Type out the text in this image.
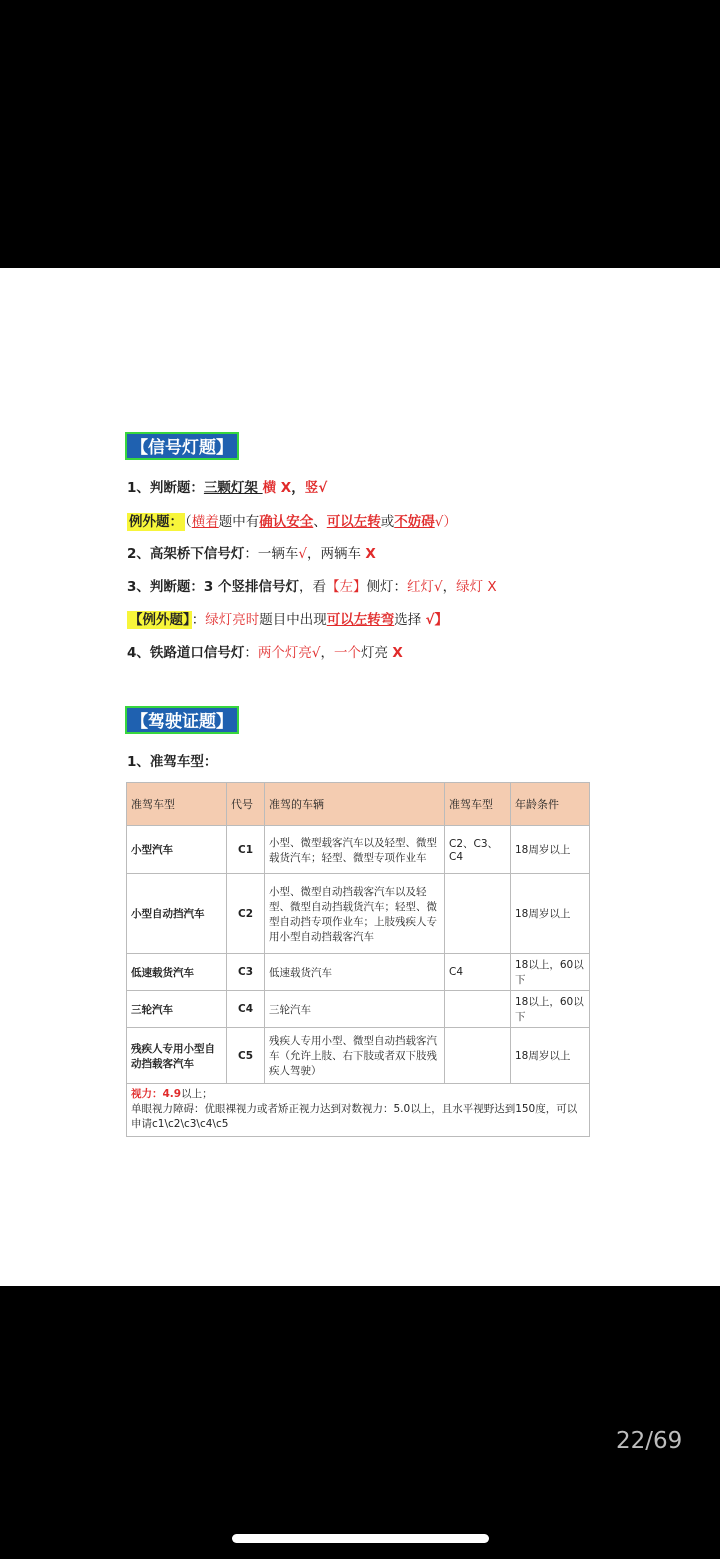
【信号灯题】
1、判断题：三颗灯架 横 X，竖√
例外题： （横着题中有确认安全、可以左转或不妨碍√）
2、高架桥下信号灯：一辆车√，两辆车 X
3、判断题：3 个竖排信号灯，看【左】侧灯：红灯√，绿灯 X
【例外题】 ：绿灯亮时题目中出现可以左转弯选择 √】
4、铁路道口信号灯：两个灯亮√，一个灯亮 X
【驾驶证题】
1、准驾车型：
准驾车型	代号	准驾的车辆	准驾车型	年龄条件
小型汽车	C1	小型、微型载客汽车以及轻型、微型载货汽车；轻型、微型专项作业车	C2、C3、C4	18周岁以上
小型自动挡汽车	C2	小型、微型自动挡载客汽车以及轻型、微型自动挡载货汽车；轻型、微型自动挡专项作业车；上肢残疾人专用小型自动挡载客汽车		18周岁以上
低速载货汽车	C3	低速载货汽车	C4	18以上，60以下
三轮汽车	C4	三轮汽车		18以上，60以下
残疾人专用小型自动挡载客汽车	C5	残疾人专用小型、微型自动挡载客汽车（允许上肢、右下肢或者双下肢残疾人驾驶）		18周岁以上
视力：4.9以上；
单眼视力障碍：优眼裸视力或者矫正视力达到对数视力：5.0以上，且水平视野达到150度，可以申请c1\c2\c3\c4\c5				
22/69
